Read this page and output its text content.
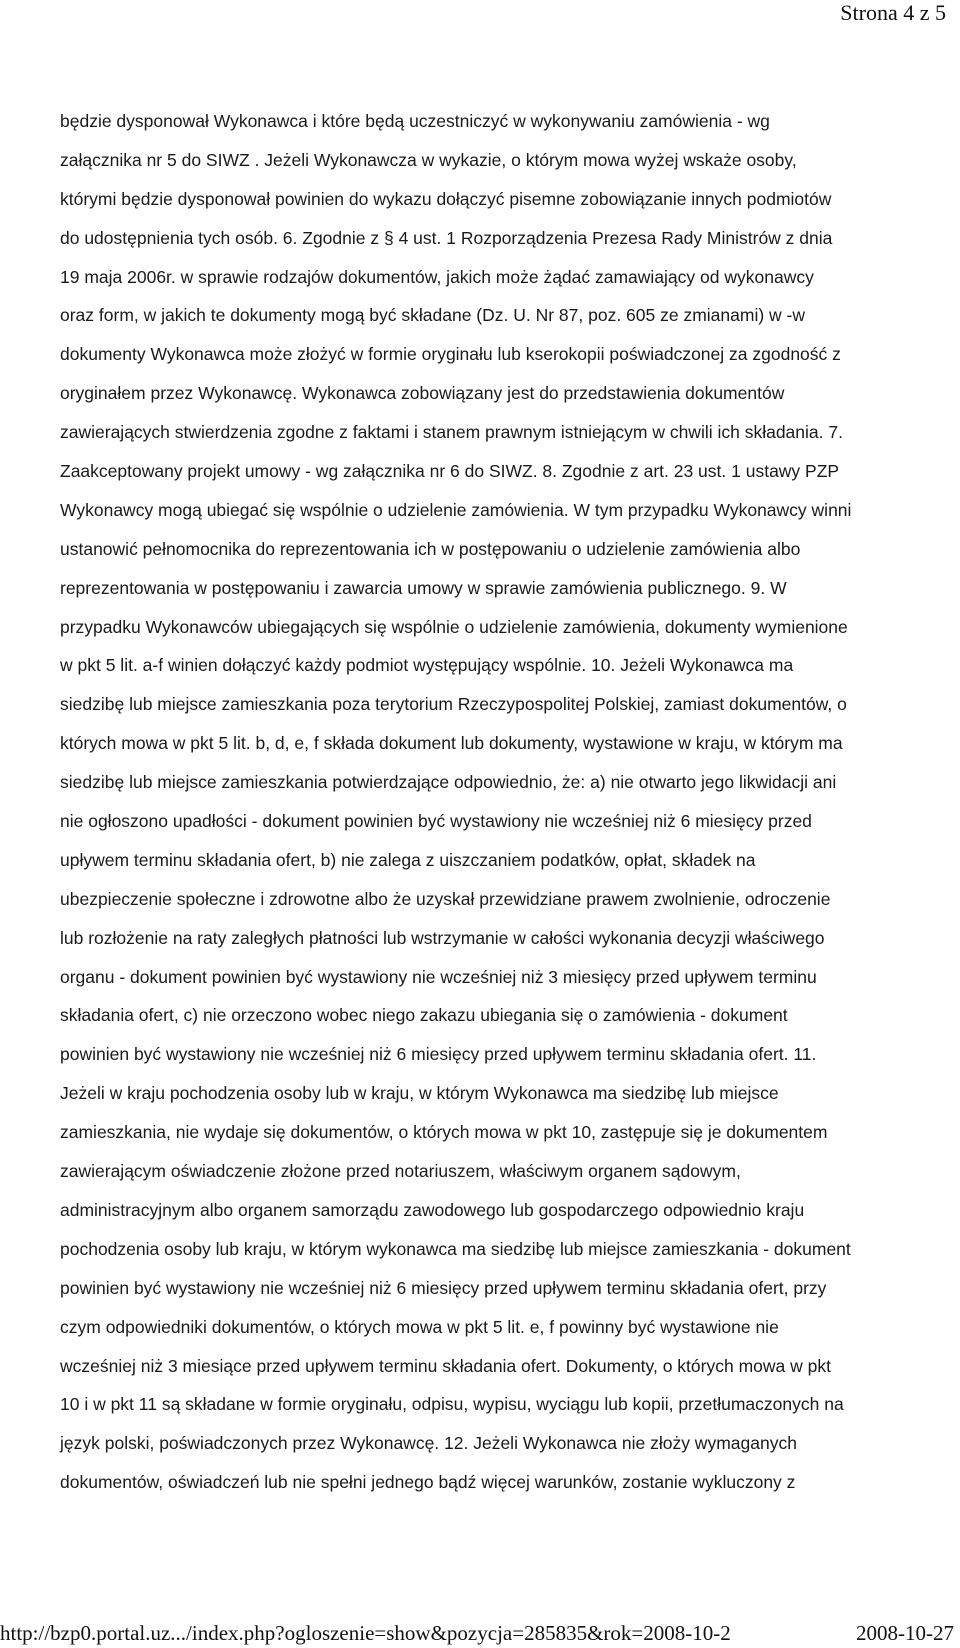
Strona 4 z 5
będzie dysponował Wykonawca i które będą uczestniczyć w wykonywaniu zamówienia - wg
załącznika nr 5 do SIWZ . Jeżeli Wykonawcza w wykazie, o którym mowa wyżej wskaże osoby,
którymi będzie dysponował powinien do wykazu dołączyć pisemne zobowiązanie innych podmiotów
do udostępnienia tych osób. 6. Zgodnie z § 4 ust. 1 Rozporządzenia Prezesa Rady Ministrów z dnia
19 maja 2006r. w sprawie rodzajów dokumentów, jakich może żądać zamawiający od wykonawcy
oraz form, w jakich te dokumenty mogą być składane (Dz. U. Nr 87, poz. 605 ze zmianami) w -w
dokumenty Wykonawca może złożyć w formie oryginału lub kserokopii poświadczonej za zgodność z
oryginałem przez Wykonawcę. Wykonawca zobowiązany jest do przedstawienia dokumentów
zawierających stwierdzenia zgodne z faktami i stanem prawnym istniejącym w chwili ich składania. 7.
Zaakceptowany projekt umowy - wg załącznika nr 6 do SIWZ. 8. Zgodnie z art. 23 ust. 1 ustawy PZP
Wykonawcy mogą ubiegać się wspólnie o udzielenie zamówienia. W tym przypadku Wykonawcy winni
ustanowić pełnomocnika do reprezentowania ich w postępowaniu o udzielenie zamówienia albo
reprezentowania w postępowaniu i zawarcia umowy w sprawie zamówienia publicznego. 9. W
przypadku Wykonawców ubiegających się wspólnie o udzielenie zamówienia, dokumenty wymienione
w pkt 5 lit. a-f winien dołączyć każdy podmiot występujący wspólnie. 10. Jeżeli Wykonawca ma
siedzibę lub miejsce zamieszkania poza terytorium Rzeczypospolitej Polskiej, zamiast dokumentów, o
których mowa w pkt 5 lit. b, d, e, f składa dokument lub dokumenty, wystawione w kraju, w którym ma
siedzibę lub miejsce zamieszkania potwierdzające odpowiednio, że: a) nie otwarto jego likwidacji ani
nie ogłoszono upadłości - dokument powinien być wystawiony nie wcześniej niż 6 miesięcy przed
upływem terminu składania ofert, b) nie zalega z uiszczaniem podatków, opłat, składek na
ubezpieczenie społeczne i zdrowotne albo że uzyskał przewidziane prawem zwolnienie, odroczenie
lub rozłożenie na raty zaległych płatności lub wstrzymanie w całości wykonania decyzji właściwego
organu - dokument powinien być wystawiony nie wcześniej niż 3 miesięcy przed upływem terminu
składania ofert, c) nie orzeczono wobec niego zakazu ubiegania się o zamówienia - dokument
powinien być wystawiony nie wcześniej niż 6 miesięcy przed upływem terminu składania ofert. 11.
Jeżeli w kraju pochodzenia osoby lub w kraju, w którym Wykonawca ma siedzibę lub miejsce
zamieszkania, nie wydaje się dokumentów, o których mowa w pkt 10, zastępuje się je dokumentem
zawierającym oświadczenie złożone przed notariuszem, właściwym organem sądowym,
administracyjnym albo organem samorządu zawodowego lub gospodarczego odpowiednio kraju
pochodzenia osoby lub kraju, w którym wykonawca ma siedzibę lub miejsce zamieszkania - dokument
powinien być wystawiony nie wcześniej niż 6 miesięcy przed upływem terminu składania ofert, przy
czym odpowiedniki dokumentów, o których mowa w pkt 5 lit. e, f powinny być wystawione nie
wcześniej niż 3 miesiące przed upływem terminu składania ofert. Dokumenty, o których mowa w pkt
10 i w pkt 11 są składane w formie oryginału, odpisu, wypisu, wyciągu lub kopii, przetłumaczonych na
język polski, poświadczonych przez Wykonawcę. 12. Jeżeli Wykonawca nie złoży wymaganych
dokumentów, oświadczeń lub nie spełni jednego bądź więcej warunków, zostanie wykluczony z
http://bzp0.portal.uz.../index.php?ogloszenie=show&pozycja=285835&rok=2008-10-2	2008-10-27
